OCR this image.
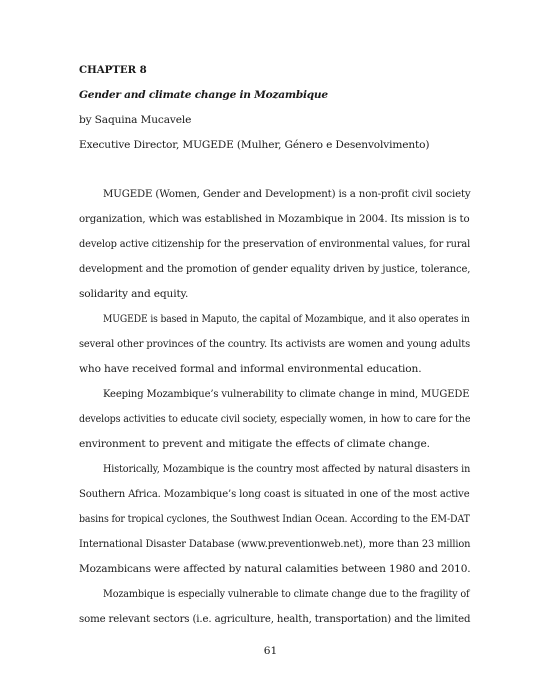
CHAPTER 8
Gender and climate change in Mozambique
by Saquina Mucavele
Executive Director, MUGEDE (Mulher, Género e Desenvolvimento)
MUGEDE (Women, Gender and Development) is a non-profit civil society
organization, which was established in Mozambique in 2004. Its mission is to
develop active citizenship for the preservation of environmental values, for rural
development and the promotion of gender equality driven by justice, tolerance,
solidarity and equity.
MUGEDE is based in Maputo, the capital of Mozambique, and it also operates in
several other provinces of the country. Its activists are women and young adults
who have received formal and informal environmental education.
Keeping Mozambique’s vulnerability to climate change in mind, MUGEDE
develops activities to educate civil society, especially women, in how to care for the
environment to prevent and mitigate the effects of climate change.
Historically, Mozambique is the country most affected by natural disasters in
Southern Africa. Mozambique’s long coast is situated in one of the most active
basins for tropical cyclones, the Southwest Indian Ocean. According to the EM-DAT
International Disaster Database (www.preventionweb.net), more than 23 million
Mozambicans were affected by natural calamities between 1980 and 2010.
Mozambique is especially vulnerable to climate change due to the fragility of
some relevant sectors (i.e. agriculture, health, transportation) and the limited
61
